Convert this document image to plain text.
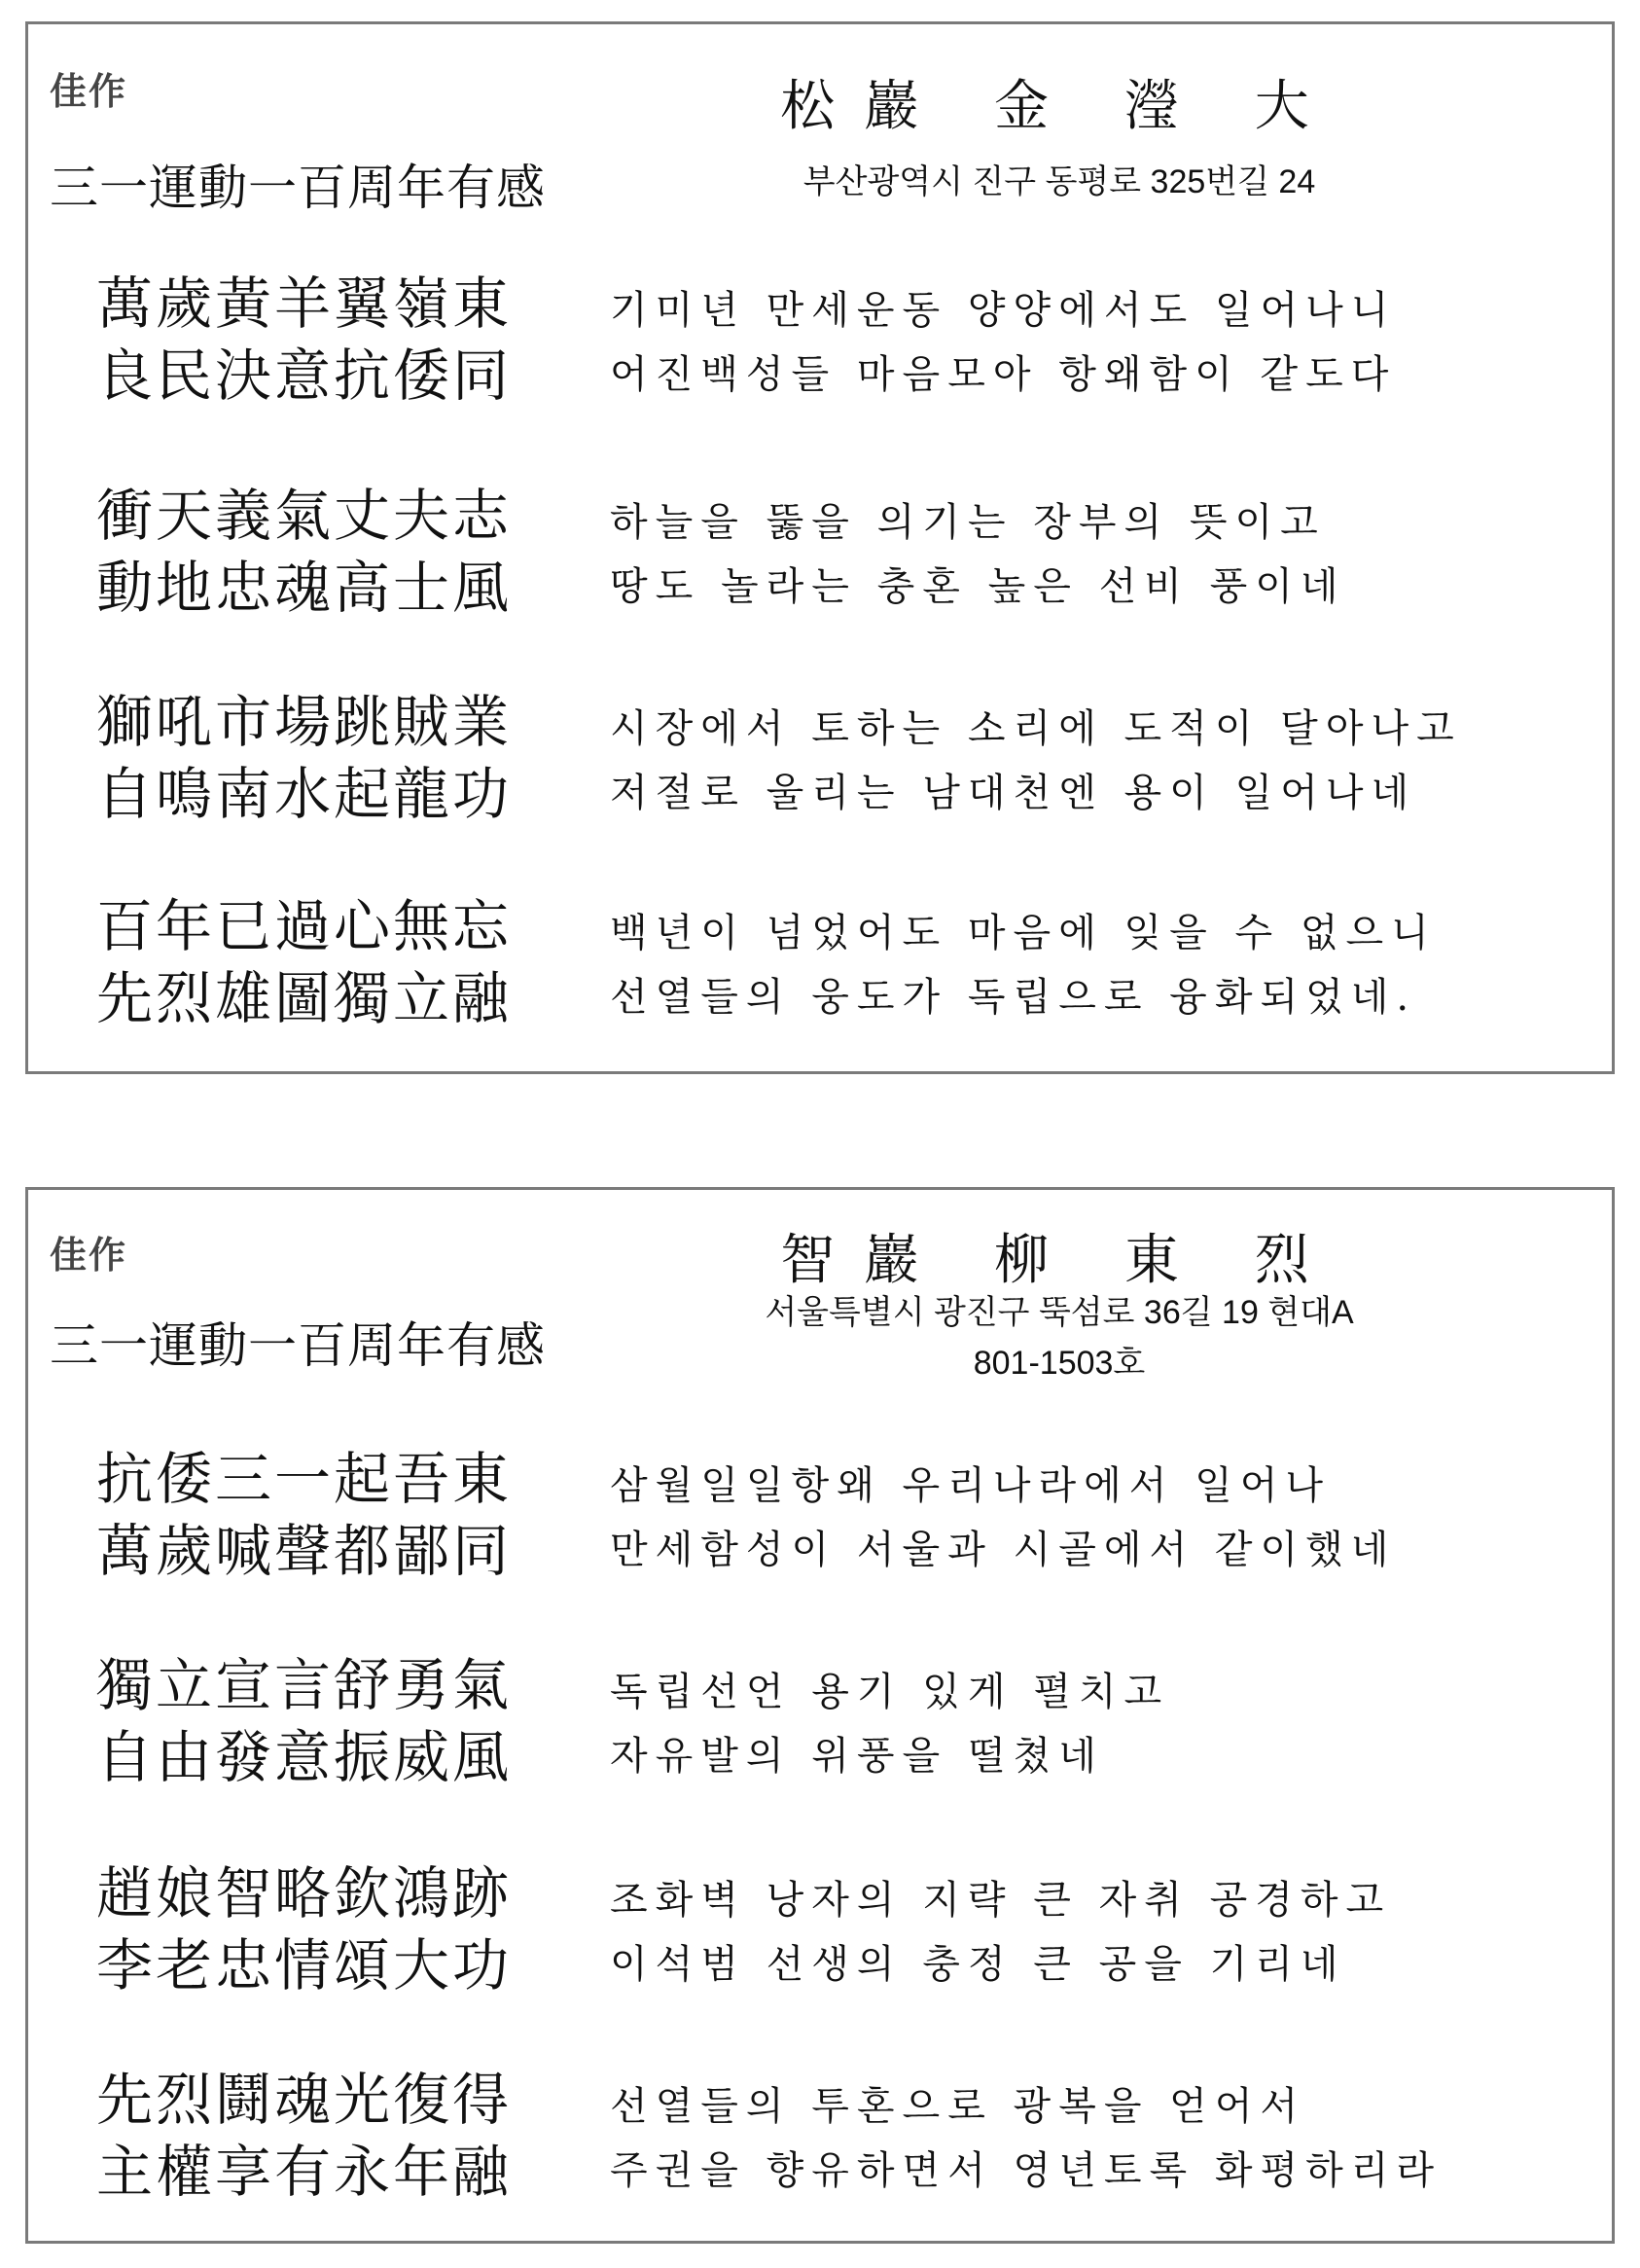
佳作
三一運動一百周年有感
松巖 金 瀅 大
부산광역시 진구 동평로 325번길 24
萬歲黃羊翼嶺東
良民決意抗倭同
기미년 만세운동 양양에서도 일어나니
어진백성들 마음모아 항왜함이 같도다
衝天義氣丈夫志
動地忠魂高士風
하늘을 뚫을 의기는 장부의 뜻이고
땅도 놀라는 충혼 높은 선비 풍이네
獅吼市場跳賊業
自鳴南水起龍功
시장에서 토하는 소리에 도적이 달아나고
저절로 울리는 남대천엔 용이 일어나네
百年已過心無忘
先烈雄圖獨立融
백년이 넘었어도 마음에 잊을 수 없으니
선열들의 웅도가 독립으로 융화되었네.
佳作
三一運動一百周年有感
智巖 柳 東 烈
서울특별시 광진구 뚝섬로 36길 19 현대A
801-1503호
抗倭三一起吾東
萬歲喊聲都鄙同
삼월일일항왜 우리나라에서 일어나
만세함성이 서울과 시골에서 같이했네
獨立宣言舒勇氣
自由發意振威風
독립선언 용기 있게 펼치고
자유발의 위풍을 떨쳤네
趙娘智略欽鴻跡
李老忠情頌大功
조화벽 낭자의 지략 큰 자취 공경하고
이석범 선생의 충정 큰 공을 기리네
先烈鬪魂光復得
主權享有永年融
선열들의 투혼으로 광복을 얻어서
주권을 향유하면서 영년토록 화평하리라
